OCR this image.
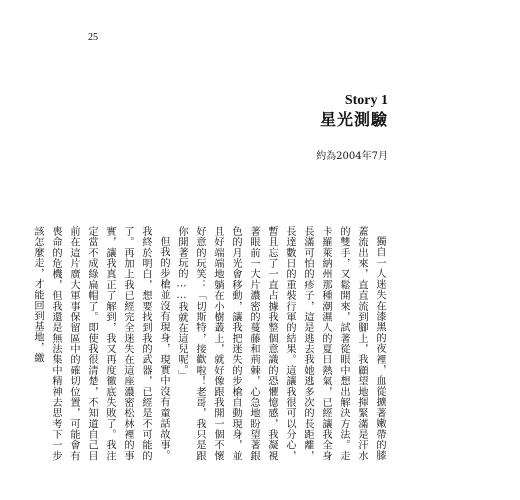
25
Story 1
星光測驗
約為2004年7月

獨自一人迷失在漆黑的夜裡，血從擴著嫩帶的膝蓋流出來，直直流到腳上，我顧望地揮緊滿是汗水的雙手，又鬆開來，試著從眼中想出解決方法。走卡羅萊納州那種潮濕人的夏日熱氣，已經讓我全身長滿可怕的疹子，這是逃去我她逃多次的長距離，長達數日的重裝行軍的結果。這讓我很可以分心，暫且忘了一直占據我整個意識的恐懼憶感，我凝視著眼前一大片濃密的蔓藤和荊棘，心急地盼望著銀色的月光會移動，讓我把迷失的步槍自動現身，並且好端端地躺在小樹叢上，就好像跟我開一個不懷好意的玩笑：「切斯特，接歡啦！老哥，我只是跟你開著玩的……我就在這兒呢。」

但我的步槍並沒有現身，現實中沒有童話故事。我終於明白，想要找到我的武器，已經是不可能的了。再加上我已經完全迷失在這座濃密松林裡的事實，讓我真正了解到，我又再度徹底失敗了。我注定當不成綠扁帽了。即使我很清楚，不知道自己目前在這片廣大軍事保留區中的確切位置，可能會有喪命的危機，但我還是無法集中精神去思考下一步該怎麼走，才能回到基地，繳
